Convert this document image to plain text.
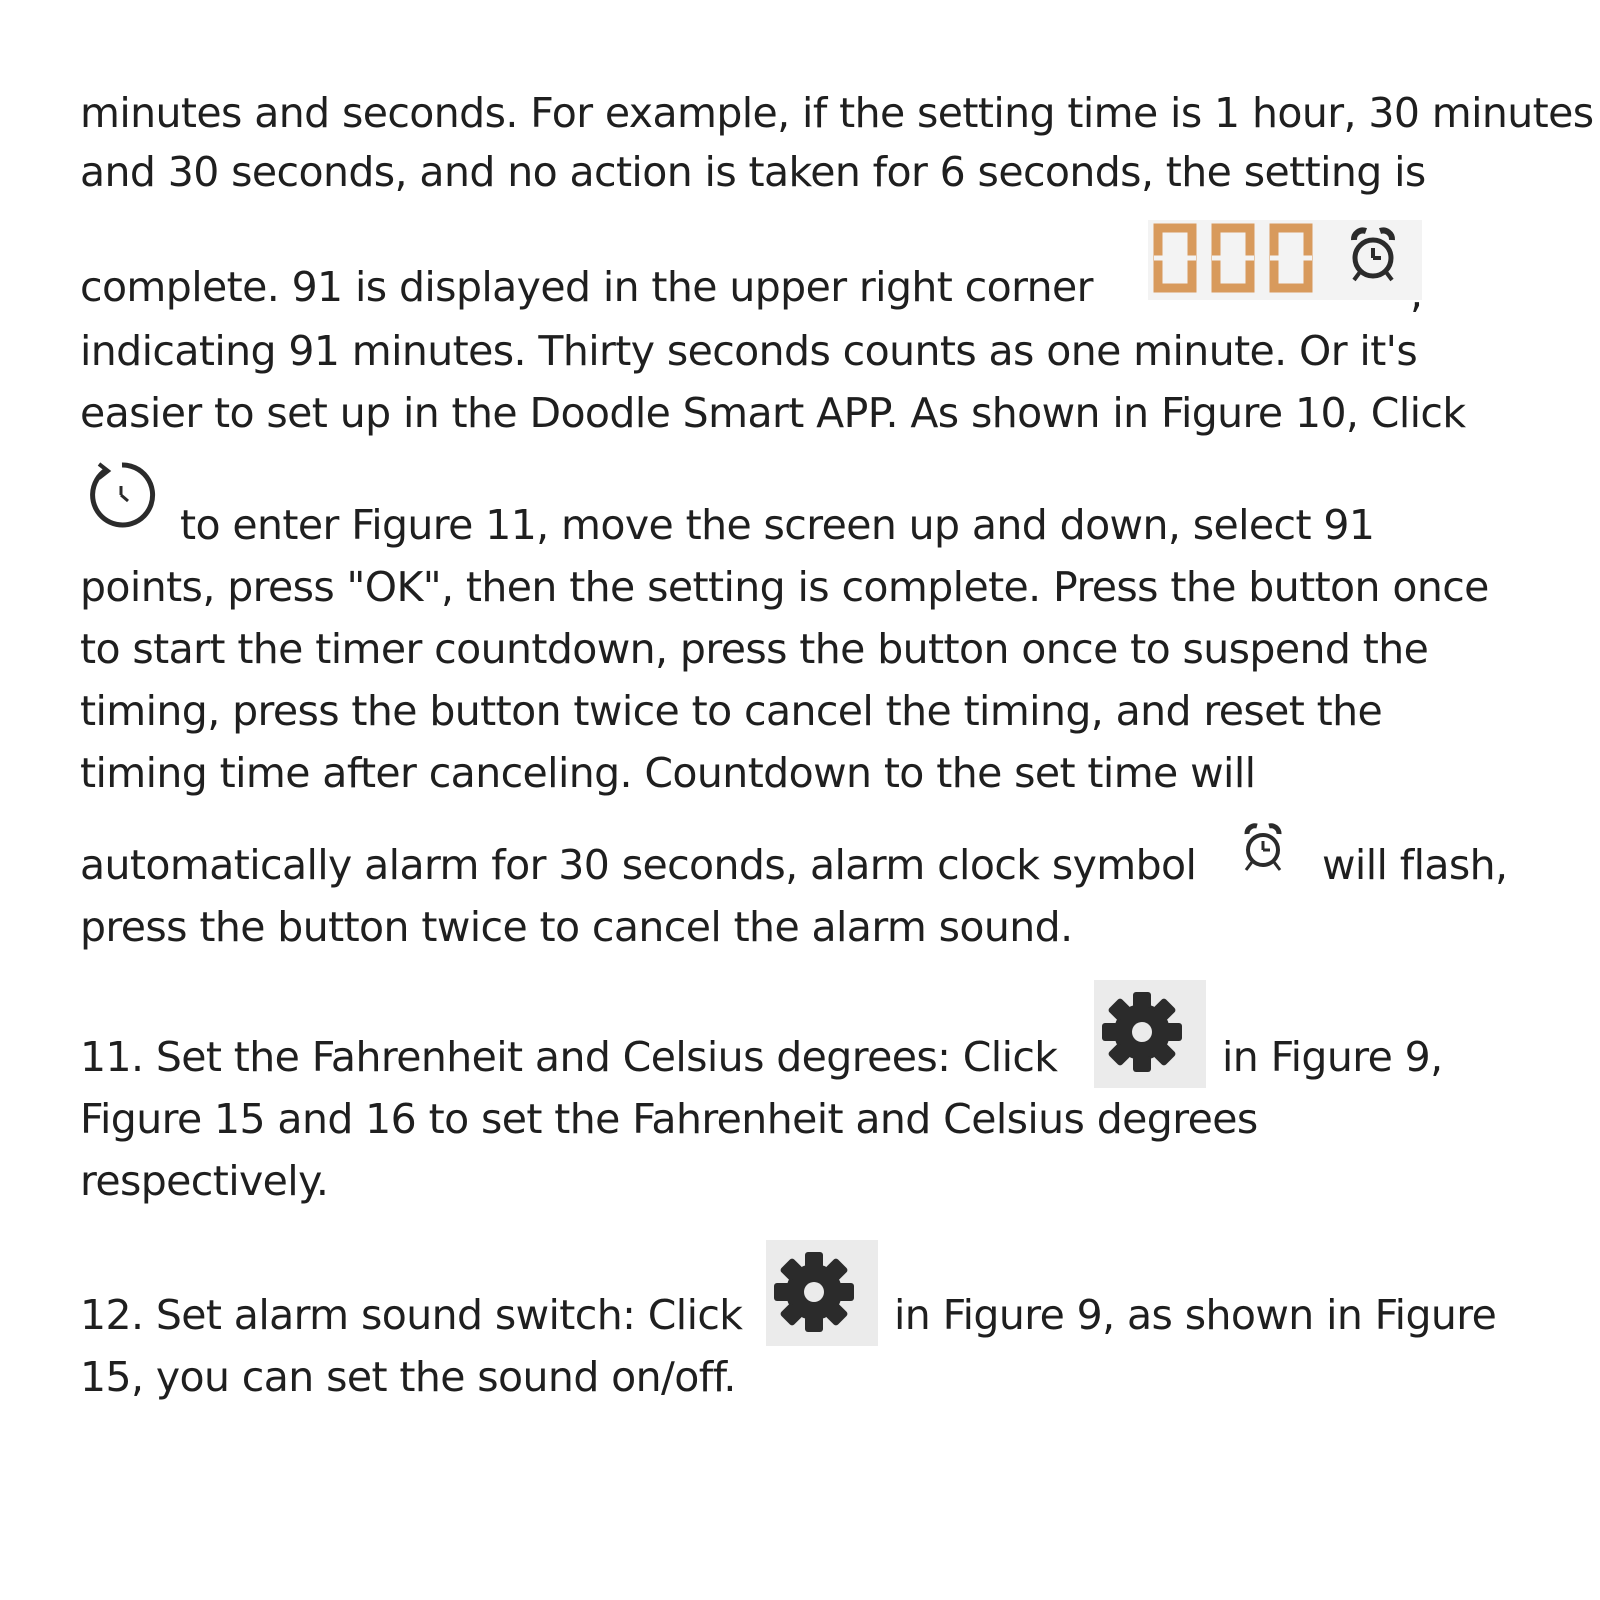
minutes and seconds. For example, if the setting time is 1 hour, 30 minutes
and 30 seconds, and no action is taken for 6 seconds, the setting is
complete. 91 is displayed in the upper right corner	,
indicating 91 minutes. Thirty seconds counts as one minute. Or it's
easier to set up in the Doodle Smart APP. As shown in Figure 10, Click
to enter Figure 11, move the screen up and down, select 91
points, press "OK", then the setting is complete. Press the button once
to start the timer countdown, press the button once to suspend the
timing, press the button twice to cancel the timing, and reset the
timing time after canceling. Countdown to the set time will
automatically alarm for 30 seconds, alarm clock symbol	will flash,
press the button twice to cancel the alarm sound.
11. Set the Fahrenheit and Celsius degrees: Click	in Figure 9,
Figure 15 and 16 to set the Fahrenheit and Celsius degrees
respectively.
12. Set alarm sound switch: Click	in Figure 9, as shown in Figure
15, you can set the sound on/off.
